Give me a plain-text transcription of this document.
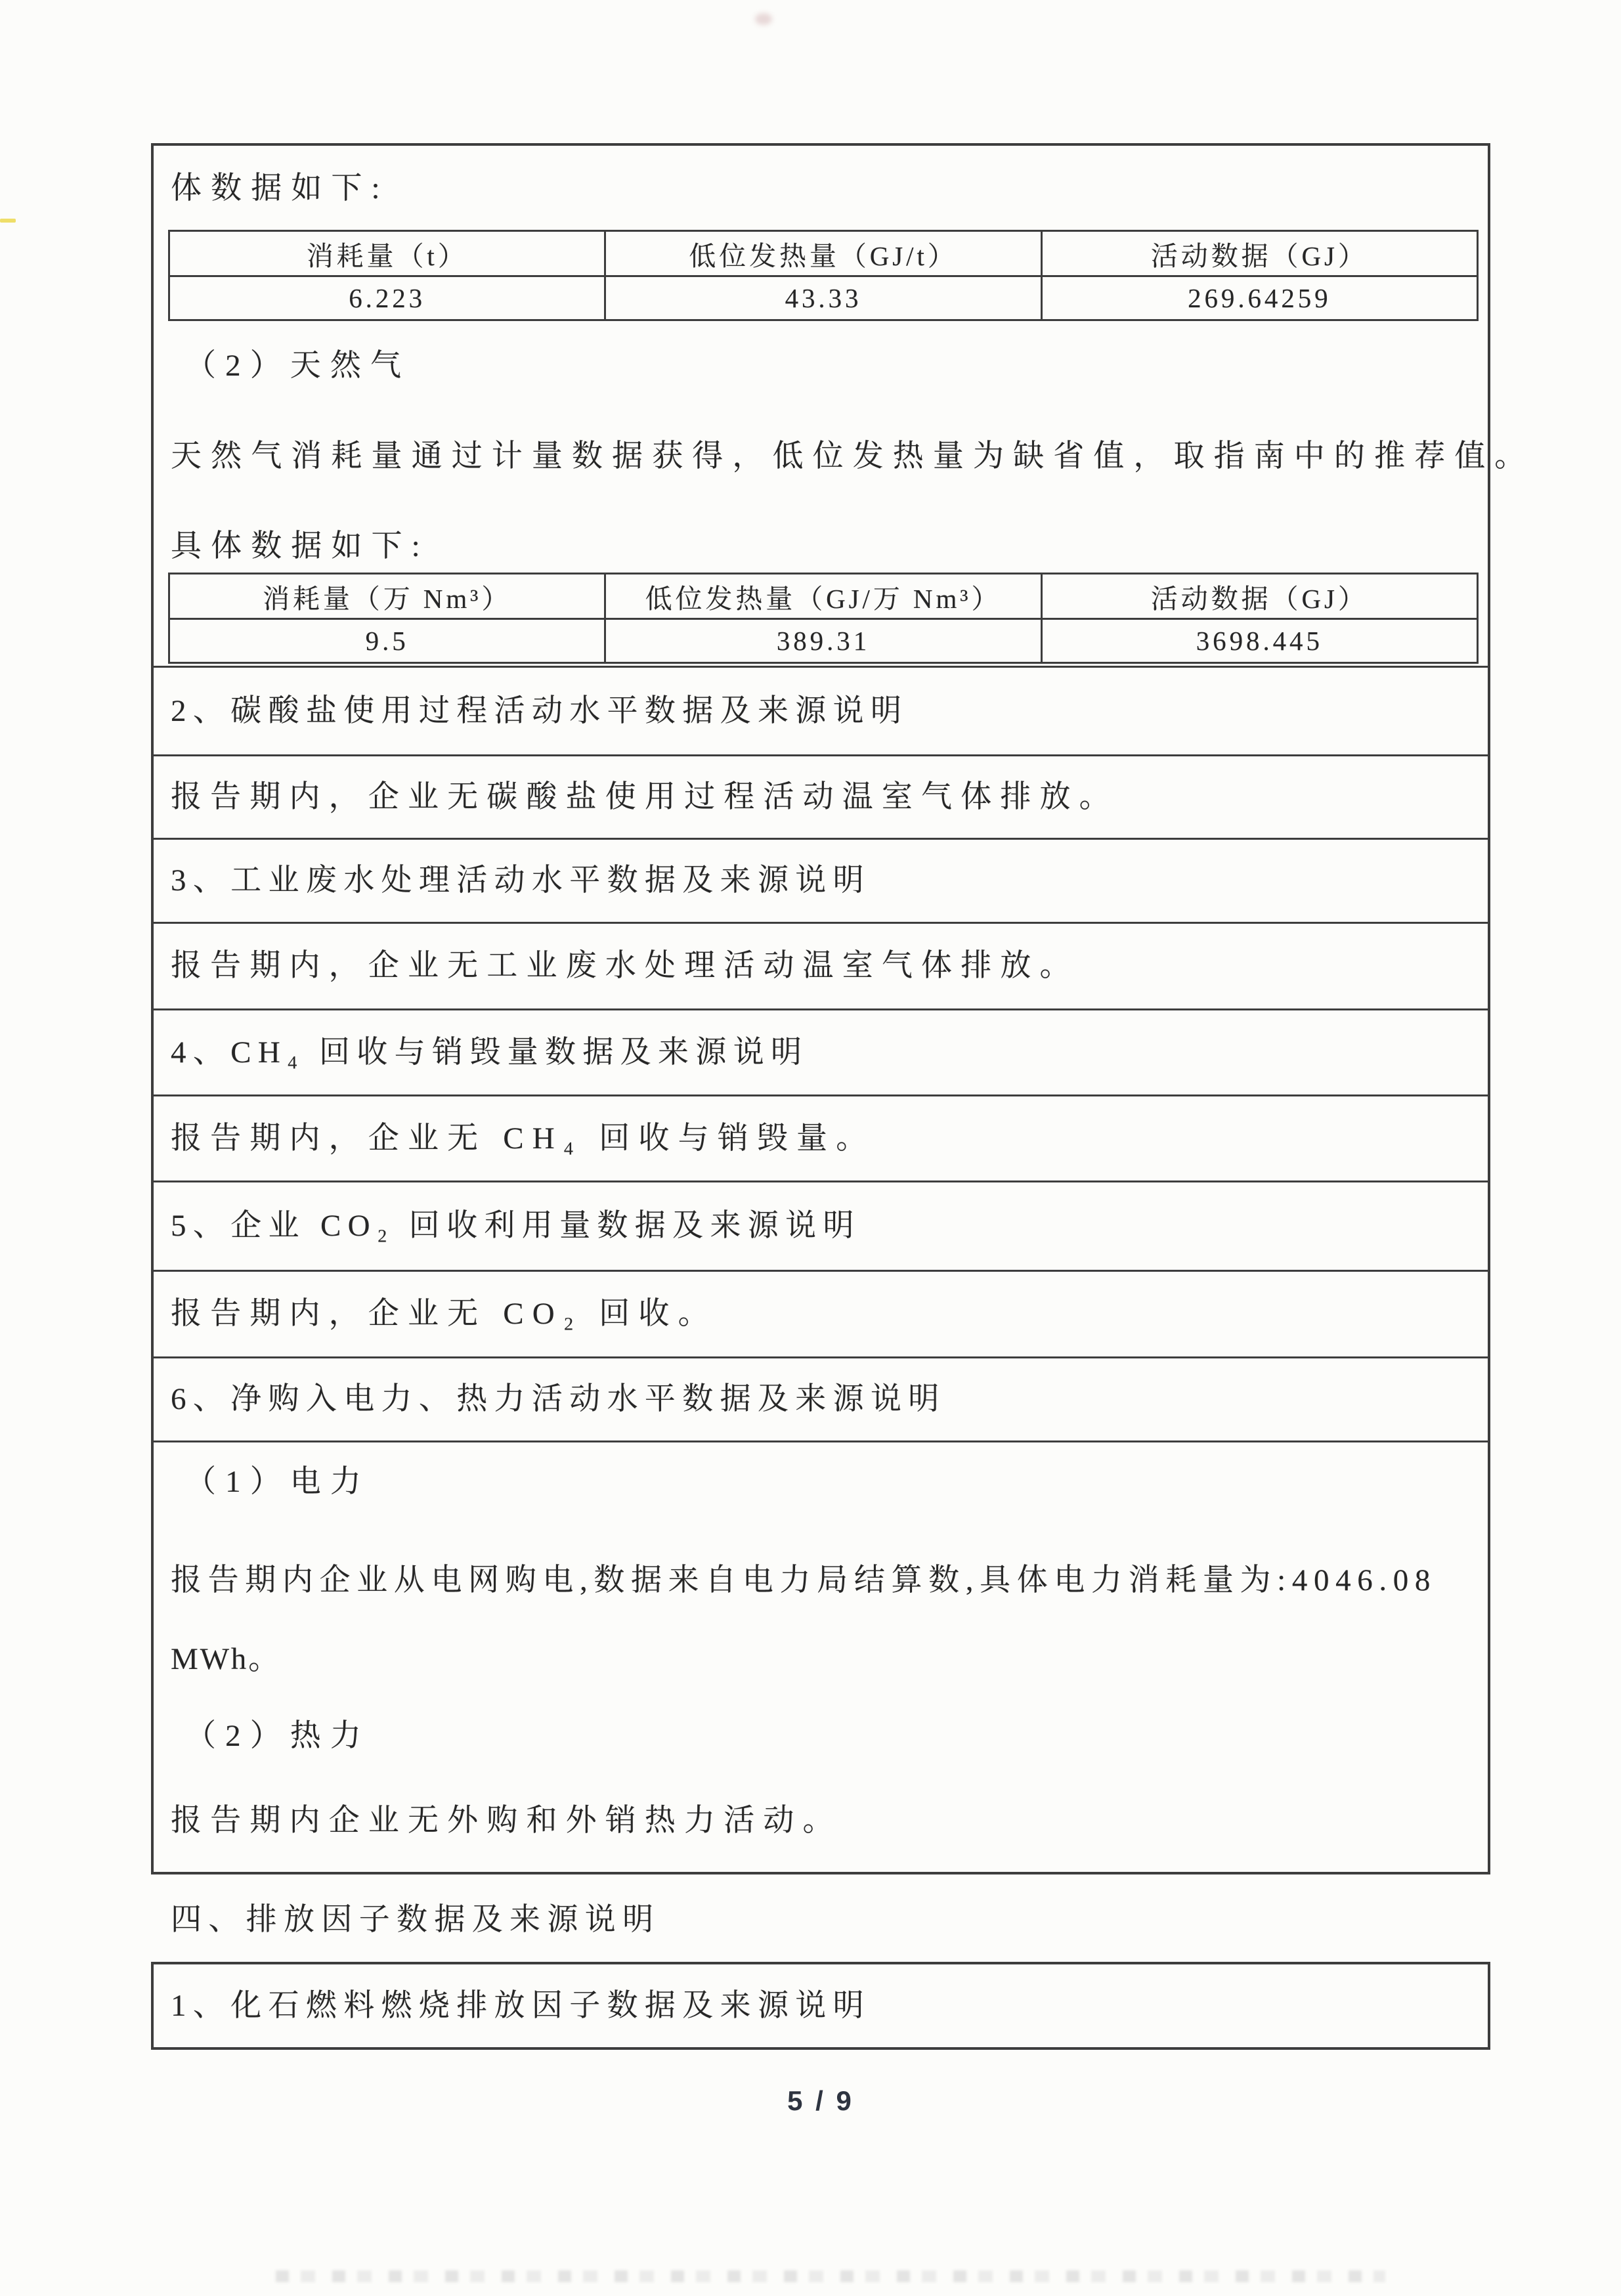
体数据如下:
消耗量（t）	低位发热量（GJ/t）	活动数据（GJ）
6.223	43.33	269.64259
（2）天然气
天然气消耗量通过计量数据获得，低位发热量为缺省值，取指南中的推荐值。
具体数据如下:
消耗量（万 Nm³）	低位发热量（GJ/万 Nm³）	活动数据（GJ）
9.5	389.31	3698.445
2、碳酸盐使用过程活动水平数据及来源说明
报告期内，企业无碳酸盐使用过程活动温室气体排放。
3、工业废水处理活动水平数据及来源说明
报告期内，企业无工业废水处理活动温室气体排放。
4、CH₄ 回收与销毁量数据及来源说明
报告期内，企业无 CH₄ 回收与销毁量。
5、企业 CO₂ 回收利用量数据及来源说明
报告期内，企业无 CO₂ 回收。
6、净购入电力、热力活动水平数据及来源说明
（1）电力
报告期内企业从电网购电,数据来自电力局结算数,具体电力消耗量为:4046.08
MWh。
（2）热力
报告期内企业无外购和外销热力活动。
四、排放因子数据及来源说明
1、化石燃料燃烧排放因子数据及来源说明
5 / 9
